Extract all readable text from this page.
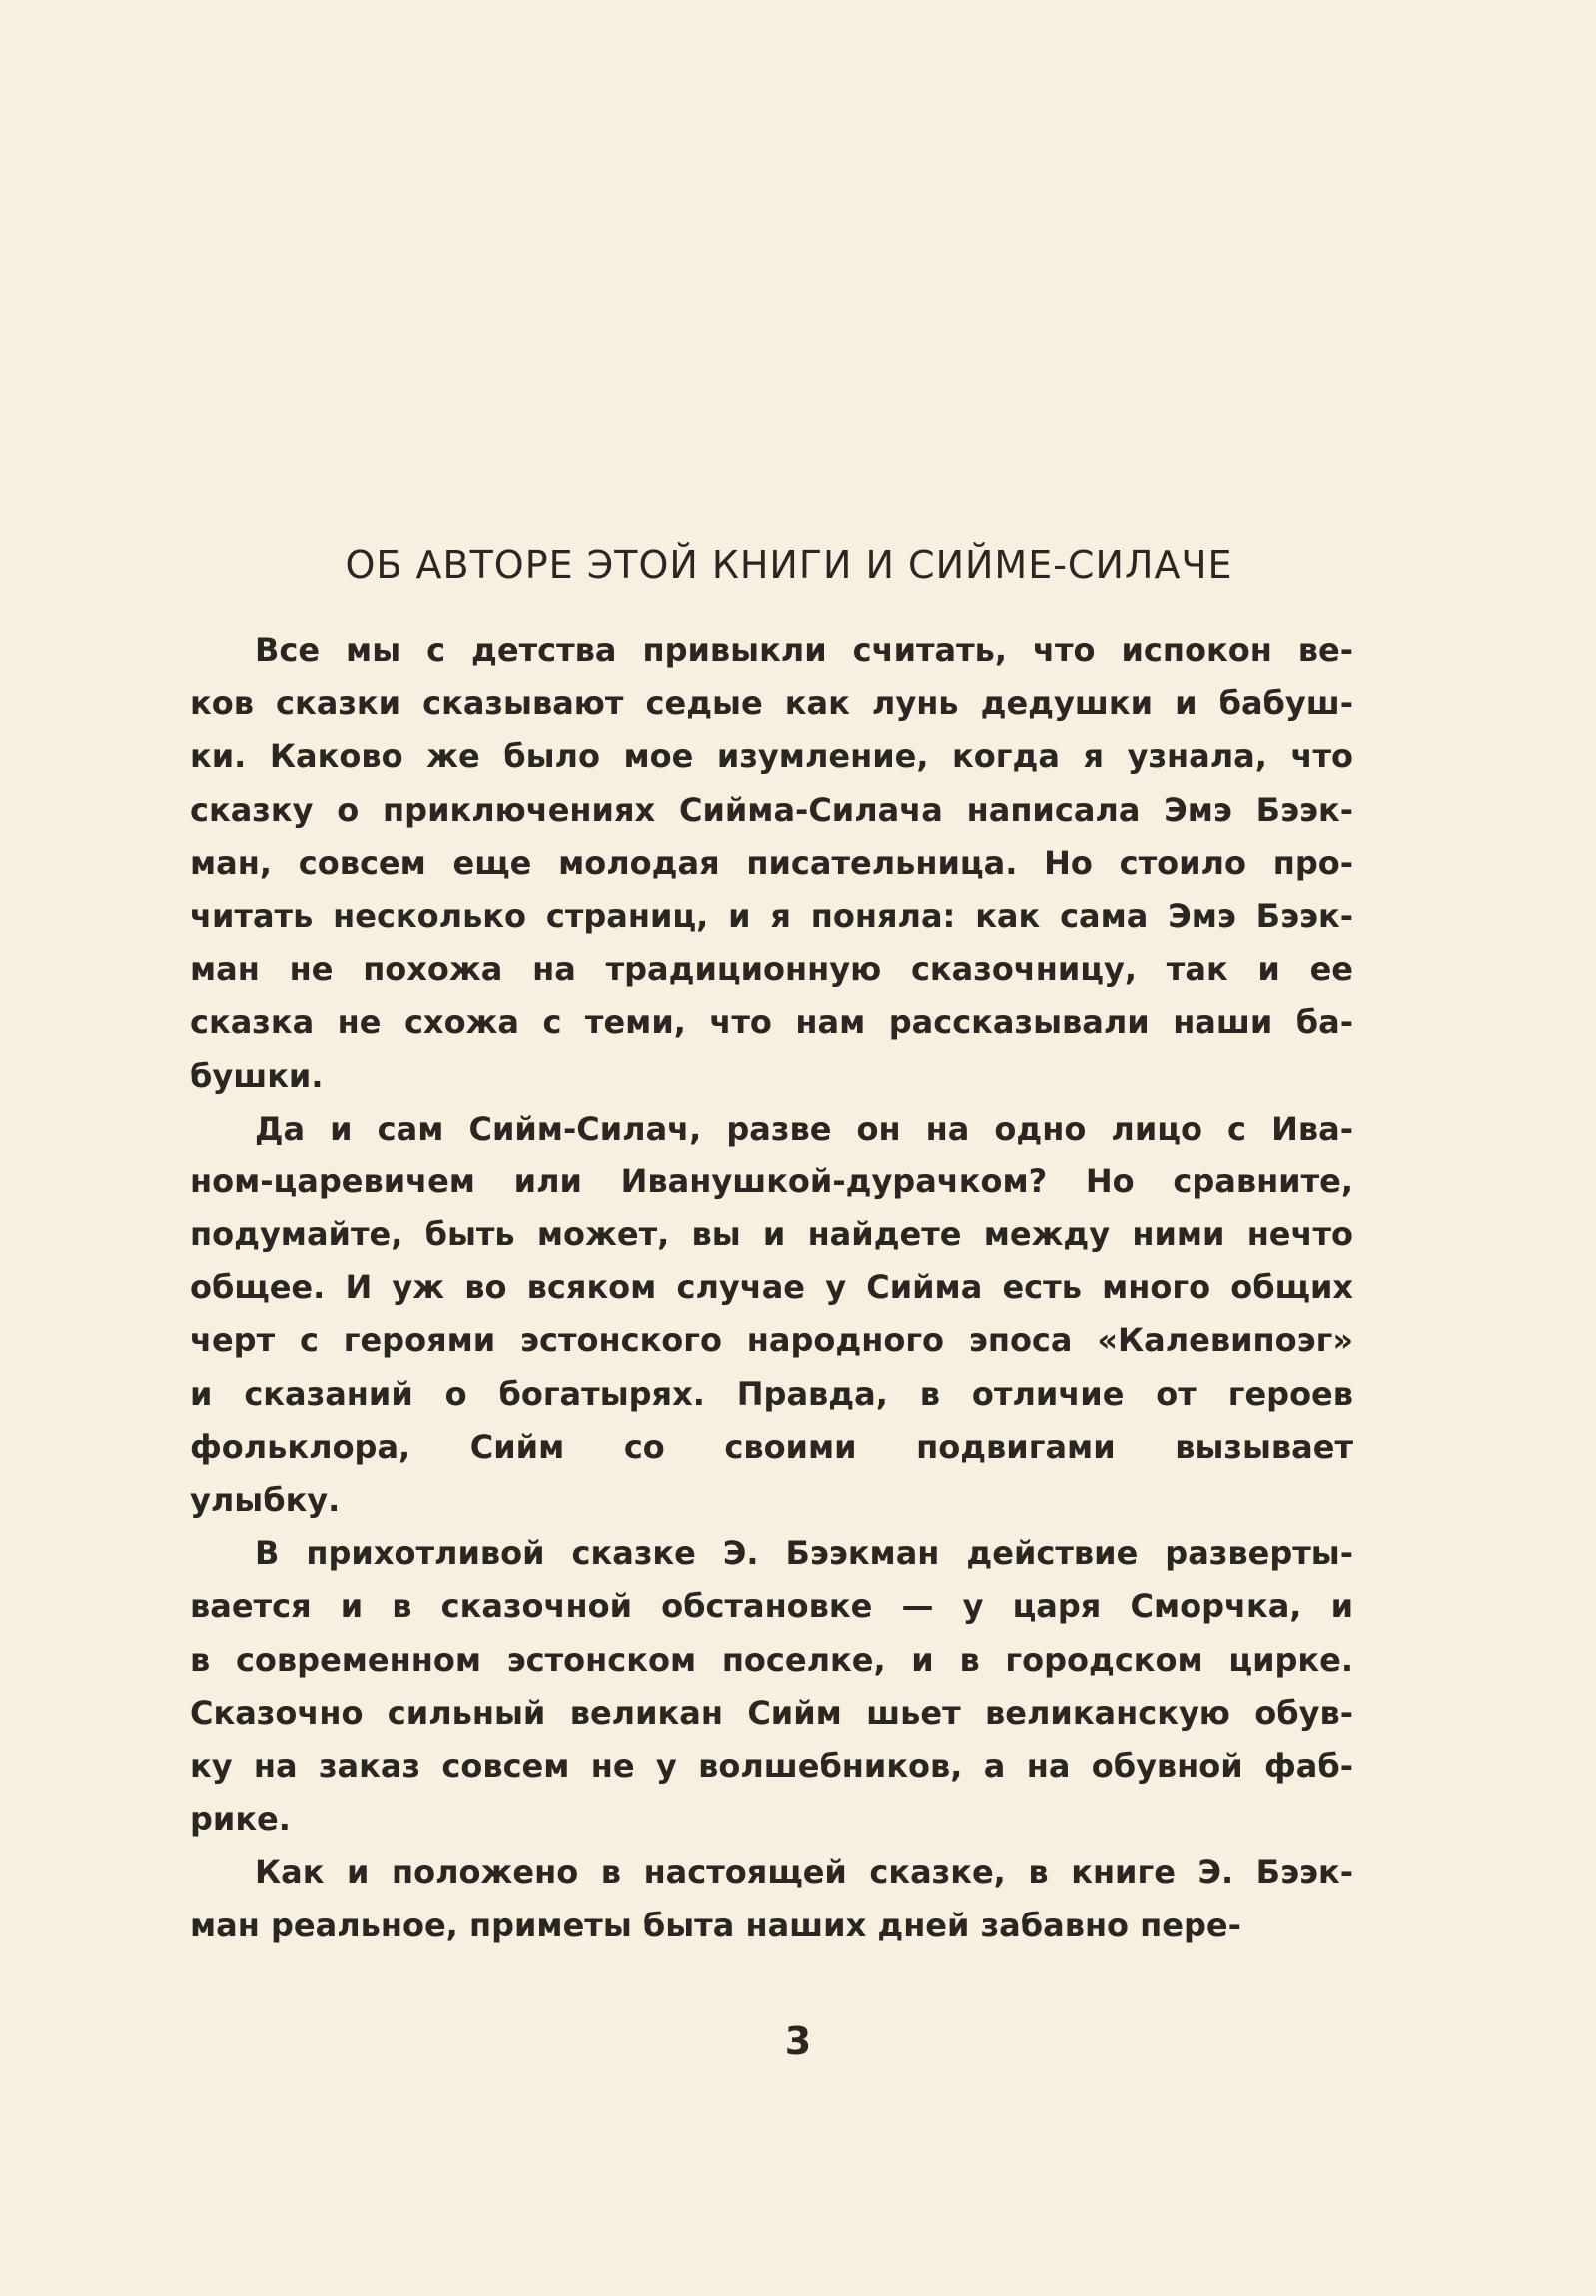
ОБ АВТОРЕ ЭТОЙ КНИГИ И СИЙМЕ-СИЛАЧЕ
Все мы с детства привыкли считать, что испокон ве-
ков сказки сказывают седые как лунь дедушки и бабуш-
ки. Каково же было мое изумление, когда я узнала, что
сказку о приключениях Сийма-Силача написала Эмэ Бээк-
ман, совсем еще молодая писательница. Но стоило про-
читать несколько страниц, и я поняла: как сама Эмэ Бээк-
ман не похожа на традиционную сказочницу, так и ее
сказка не схожа с теми, что нам рассказывали наши ба-
бушки.
Да и сам Сийм-Силач, разве он на одно лицо с Ива-
ном-царевичем или Иванушкой-дурачком? Но сравните,
подумайте, быть может, вы и найдете между ними нечто
общее. И уж во всяком случае у Сийма есть много общих
черт с героями эстонского народного эпоса «Калевипоэг»
и сказаний о богатырях. Правда, в отличие от героев
фольклора, Сийм со своими подвигами вызывает
улыбку.
В прихотливой сказке Э. Бээкман действие разверты-
вается и в сказочной обстановке — у царя Сморчка, и
в современном эстонском поселке, и в городском цирке.
Сказочно сильный великан Сийм шьет великанскую обув-
ку на заказ совсем не у волшебников, а на обувной фаб-
рике.
Как и положено в настоящей сказке, в книге Э. Бээк-
ман реальное, приметы быта наших дней забавно пере-
3
